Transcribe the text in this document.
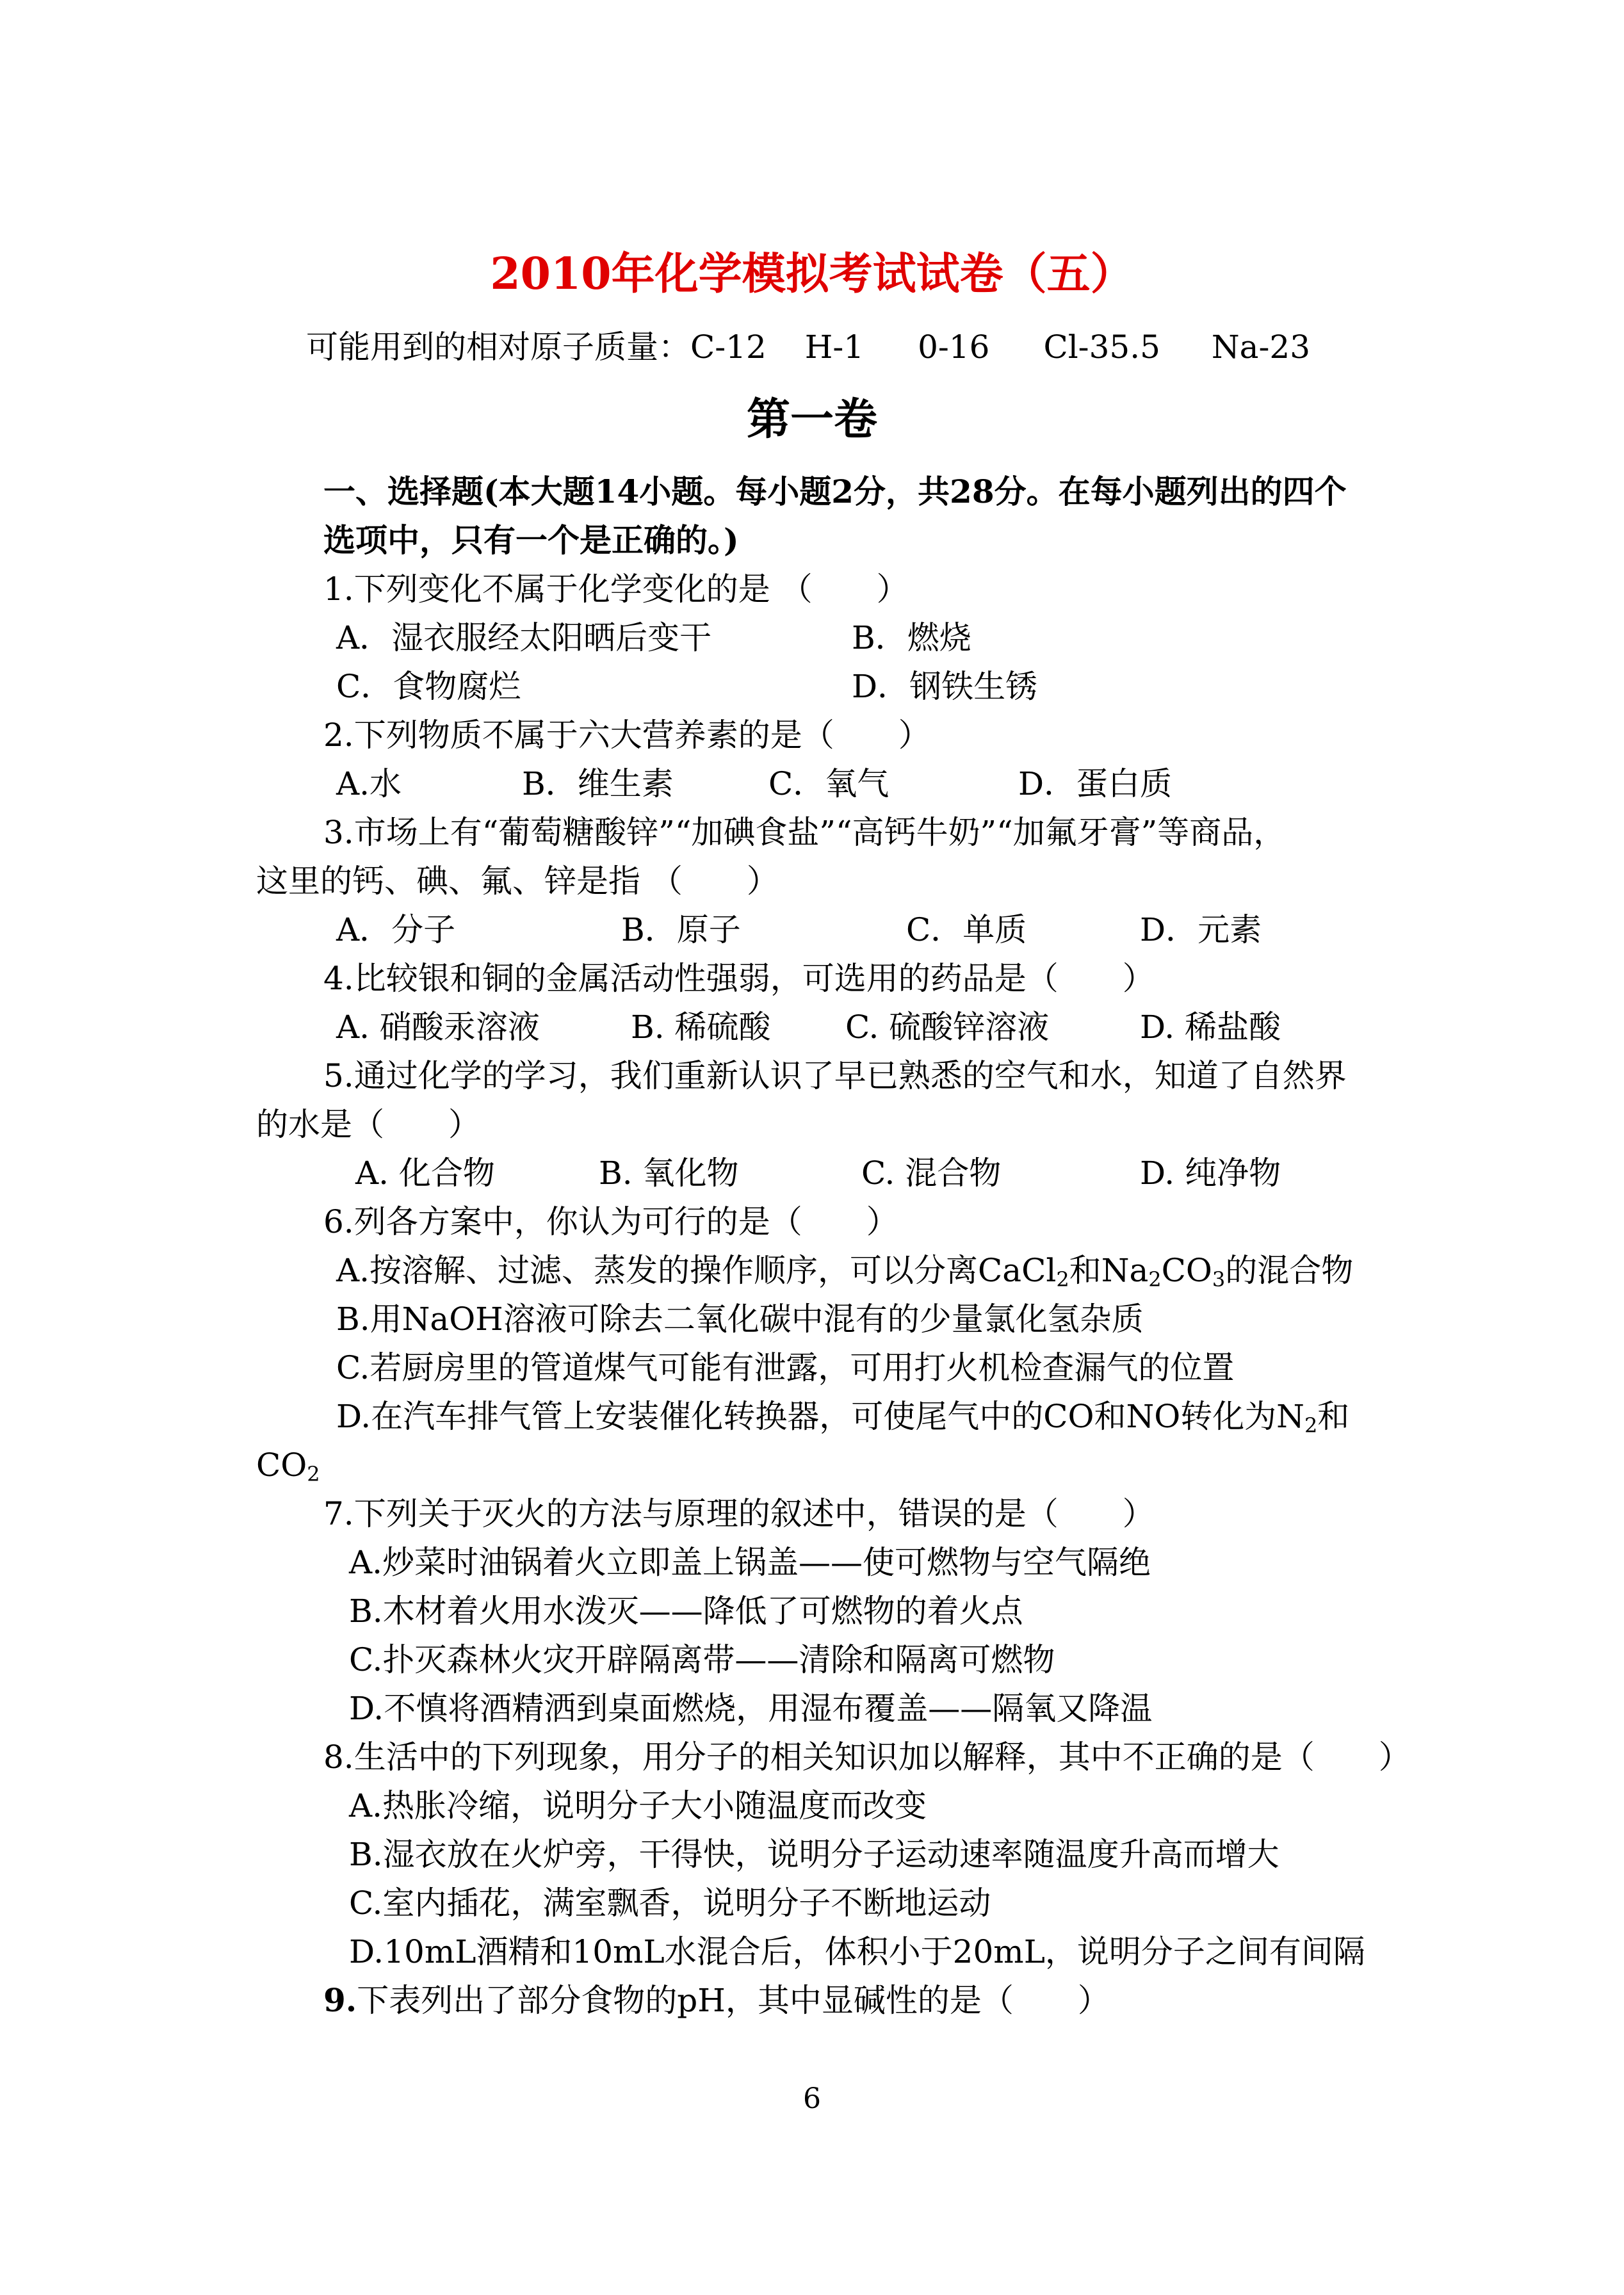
2010年化学模拟考试试卷（五）
可能用到的相对原子质量：C-12 H-1 0-16 Cl-35.5 Na-23
第一卷
一、选择题(本大题14小题。每小题2分，共28分。在每小题列出的四个
选项中，只有一个是正确的。)
1.下列变化不属于化学变化的是 （　　）
A．湿衣服经太阳晒后变干	B．燃烧
C．食物腐烂	D．钢铁生锈
2.下列物质不属于六大营养素的是（　　）
A.水	B．维生素	C．氧气	D．蛋白质
3.市场上有“葡萄糖酸锌”“加碘食盐”“高钙牛奶”“加氟牙膏”等商品，
这里的钙、碘、氟、锌是指 （　　）
A．分子	B．原子	C．单质	D．元素
4.比较银和铜的金属活动性强弱，可选用的药品是（　　）
A. 硝酸汞溶液	B. 稀硫酸 C. 硫酸锌溶液	D. 稀盐酸
5.通过化学的学习，我们重新认识了早已熟悉的空气和水，知道了自然界
的水是（　　）
A. 化合物	B. 氧化物	C. 混合物	D. 纯净物
6.列各方案中，你认为可行的是（　　）
A.按溶解、过滤、蒸发的操作顺序，可以分离CaCl$_2$和$Na_2CO_3$的混合物
B.用NaOH溶液可除去二氧化碳中混有的少量氯化氢杂质
C.若厨房里的管道煤气可能有泄露，可用打火机检查漏气的位置
D.在汽车排气管上安装催化转换器，可使尾气中的CO和NO转化为$N_2$和
$CO_2$
7.下列关于灭火的方法与原理的叙述中，错误的是（　　）
A.炒菜时油锅着火立即盖上锅盖——使可燃物与空气隔绝
B.木材着火用水泼灭——降低了可燃物的着火点
C.扑灭森林火灾开辟隔离带——清除和隔离可燃物
D.不慎将酒精洒到桌面燃烧，用湿布覆盖——隔氧又降温
8.生活中的下列现象，用分子的相关知识加以解释，其中不正确的是（　　）
A.热胀冷缩，说明分子大小随温度而改变
B.湿衣放在火炉旁，干得快，说明分子运动速率随温度升高而增大
C.室内插花，满室飘香，说明分子不断地运动
D.10mL酒精和10mL水混合后，体积小于20mL，说明分子之间有间隔
9.下表列出了部分食物的pH，其中显碱性的是（　　）
6
